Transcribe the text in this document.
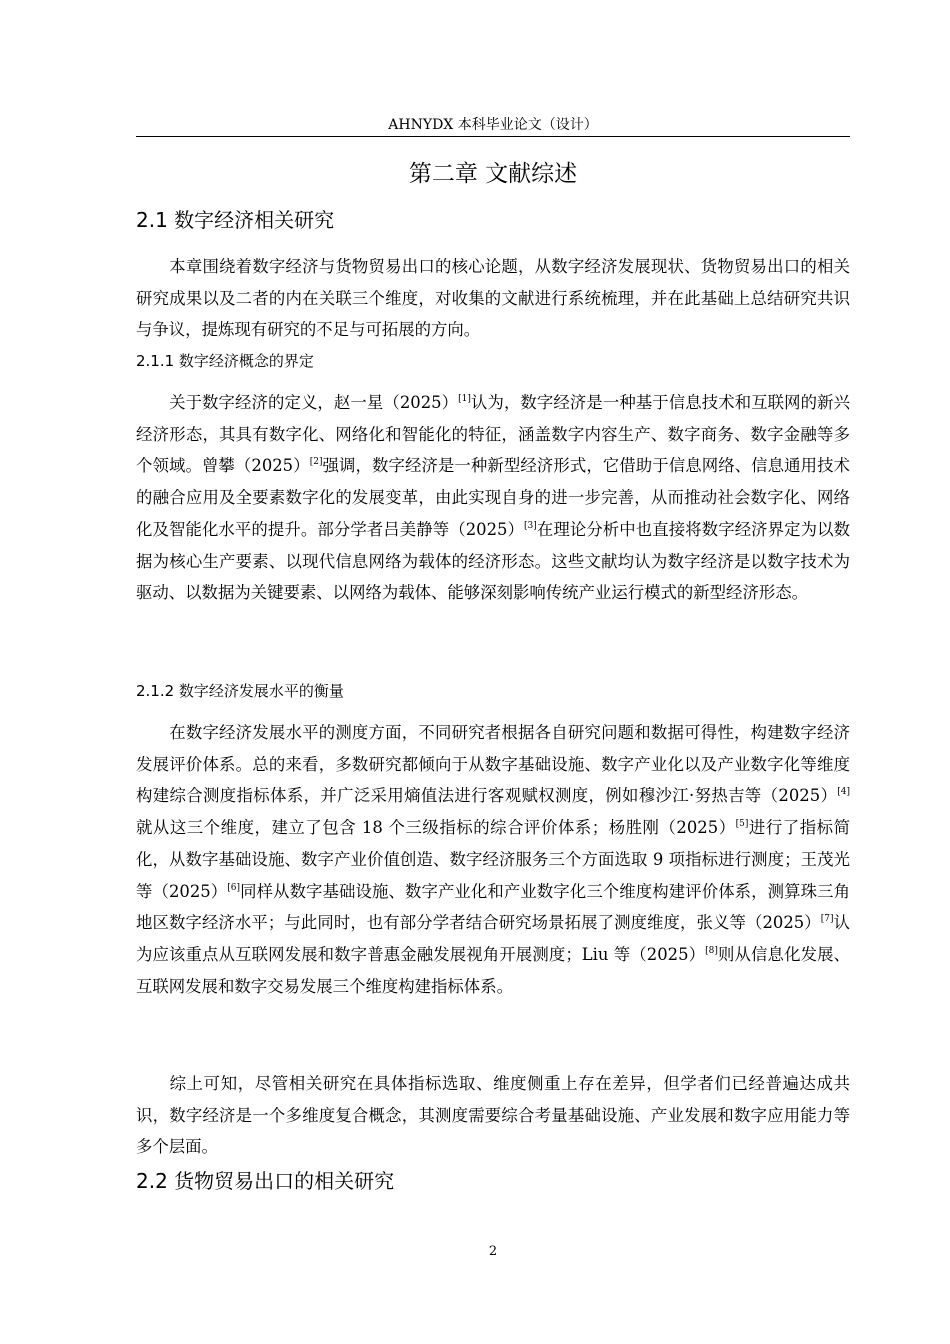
AHNYDX 本科毕业论文（设计）
第二章 文献综述
2.1 数字经济相关研究
本章围绕着数字经济与货物贸易出口的核心论题，从数字经济发展现状、货物贸易出口的相关研究成果以及二者的内在关联三个维度，对收集的文献进行系统梳理，并在此基础上总结研究共识与争议，提炼现有研究的不足与可拓展的方向。
2.1.1 数字经济概念的界定
关于数字经济的定义，赵一星（2025）[1]认为，数字经济是一种基于信息技术和互联网的新兴经济形态，其具有数字化、网络化和智能化的特征，涵盖数字内容生产、数字商务、数字金融等多个领域。曾攀（2025）[2]强调，数字经济是一种新型经济形式，它借助于信息网络、信息通用技术的融合应用及全要素数字化的发展变革，由此实现自身的进一步完善，从而推动社会数字化、网络化及智能化水平的提升。部分学者吕美静等（2025）[3]在理论分析中也直接将数字经济界定为以数据为核心生产要素、以现代信息网络为载体的经济形态。这些文献均认为数字经济是以数字技术为驱动、以数据为关键要素、以网络为载体、能够深刻影响传统产业运行模式的新型经济形态。
2.1.2 数字经济发展水平的衡量
在数字经济发展水平的测度方面，不同研究者根据各自研究问题和数据可得性，构建数字经济发展评价体系。总的来看，多数研究都倾向于从数字基础设施、数字产业化以及产业数字化等维度构建综合测度指标体系，并广泛采用熵值法进行客观赋权测度，例如穆沙江·努热吉等（2025）[4]就从这三个维度，建立了包含 18 个三级指标的综合评价体系；杨胜刚（2025）[5]进行了指标简化，从数字基础设施、数字产业价值创造、数字经济服务三个方面选取 9 项指标进行测度；王茂光等（2025）[6]同样从数字基础设施、数字产业化和产业数字化三个维度构建评价体系，测算珠三角地区数字经济水平；与此同时，也有部分学者结合研究场景拓展了测度维度，张义等（2025）[7]认为应该重点从互联网发展和数字普惠金融发展视角开展测度；Liu 等（2025）[8]则从信息化发展、互联网发展和数字交易发展三个维度构建指标体系。
综上可知，尽管相关研究在具体指标选取、维度侧重上存在差异，但学者们已经普遍达成共识，数字经济是一个多维度复合概念，其测度需要综合考量基础设施、产业发展和数字应用能力等多个层面。
2.2 货物贸易出口的相关研究
2
